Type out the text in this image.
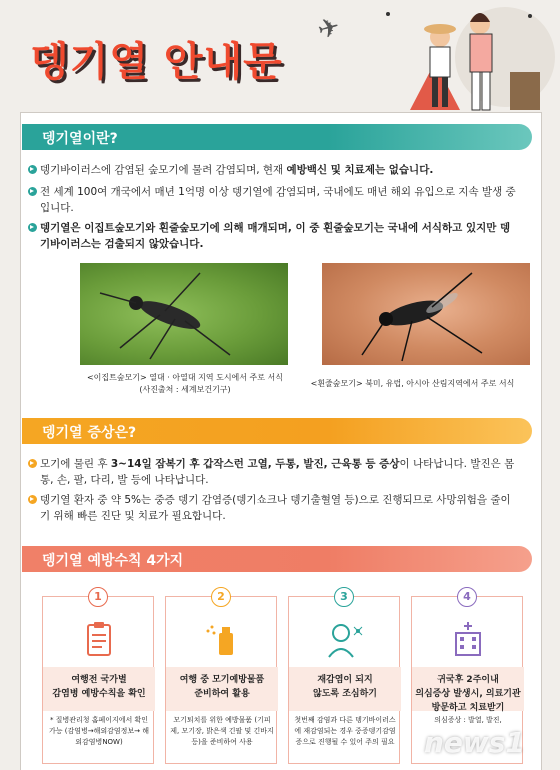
뎅기열 안내문
✈
뎅기열이란?
뎅기바이러스에 감염된 숲모기에 물려 감염되며, 현재 예방백신 및 치료제는 없습니다.
전 세계 100여 개국에서 매년 1억명 이상 뎅기열에 감염되며, 국내에도 매년 해외 유입으로 지속 발생 중입니다.
뎅기열은 이집트숲모기와 흰줄숲모기에 의해 매개되며, 이 중 흰줄숲모기는 국내에 서식하고 있지만 뎅기바이러스는 검출되지 않았습니다.
<이집트숲모기> 열대 · 아열대 지역 도시에서 주로 서식
(사진출처 : 세계보건기구)
<흰줄숲모기> 북미, 유럽, 아시아 산림지역에서 주로 서식
뎅기열 증상은?
모기에 물린 후 3~14일 잠복기 후 갑작스런 고열, 두통, 발진, 근육통 등 증상이 나타납니다. 발진은 몸통, 손, 팔, 다리, 발 등에 나타납니다.
뎅기열 환자 중 약 5%는 중증 뎅기 감염증(뎅기쇼크나 뎅기출혈열 등)으로 진행되므로 사망위험을 줄이기 위해 빠른 진단 및 치료가 필요합니다.
뎅기열 예방수칙 4가지
1
여행전 국가별
감염병 예방수칙을 확인
* 질병관리청 홈페이지에서 확인 가능 (감염병→해외감염정보→ 해외감염병NOW)
2
여행 중 모기예방물품
준비하여 활용
모기퇴치를 위한 예방물품 (기피제, 모기장, 밝은색 긴팔 및 긴바지 등)을 준비하여 사용
3
재감염이 되지
않도록 조심하기
첫번째 감염과 다른 뎅기바이러스에 재감염되는 경우 중증뎅기감염증으로 진행될 수 있어 주의 필요
4
귀국후 2주이내
의심증상 발생시, 의료기관 방문하고 치료받기
의심증상 : 발열, 발진,
news1
